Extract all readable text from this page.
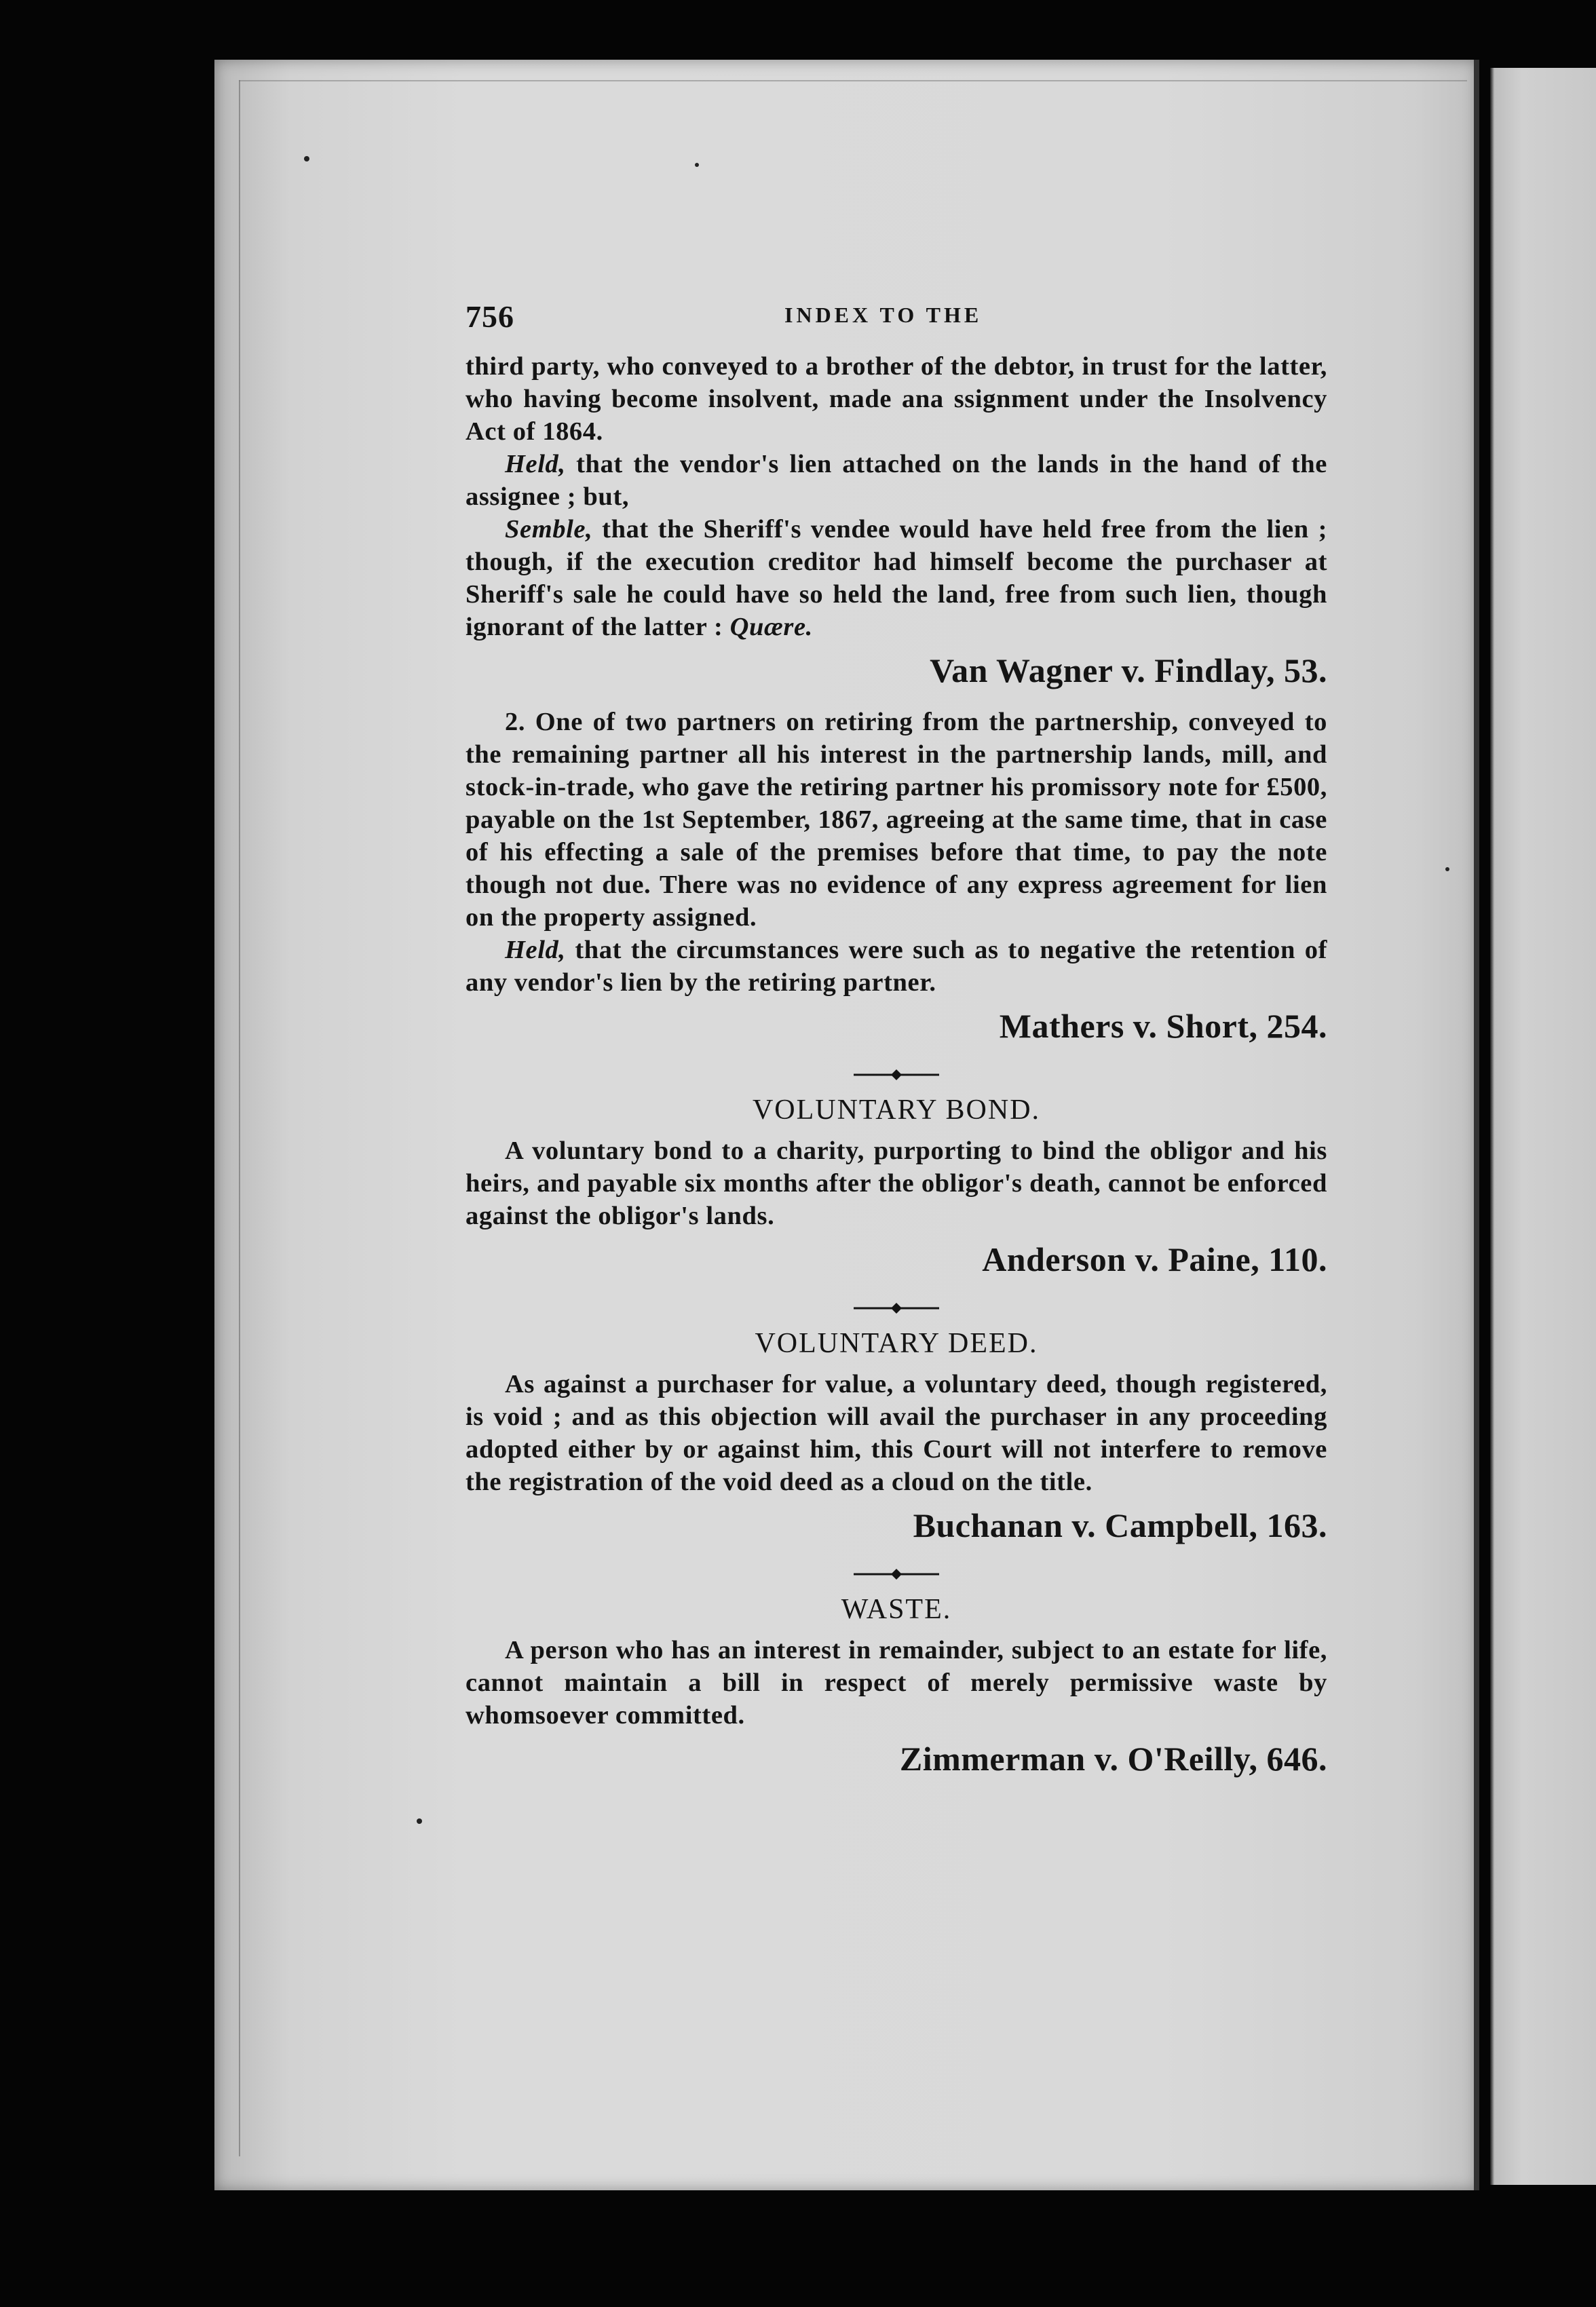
756	INDEX TO THE

third party, who conveyed to a brother of the debtor, in trust for the latter, who having become insolvent, made ana ssignment under the Insolvency Act of 1864.

Held, that the vendor's lien attached on the lands in the hand of the assignee ; but,

Semble, that the Sheriff's vendee would have held free from the lien ; though, if the execution creditor had himself become the purchaser at Sheriff's sale he could have so held the land, free from such lien, though ignorant of the latter : Quære.

Van Wagner v. Findlay, 53.

2. One of two partners on retiring from the partnership, conveyed to the remaining partner all his interest in the partnership lands, mill, and stock-in-trade, who gave the retiring partner his promissory note for £500, payable on the 1st September, 1867, agreeing at the same time, that in case of his effecting a sale of the premises before that time, to pay the note though not due. There was no evidence of any express agreement for lien on the property assigned.

Held, that the circumstances were such as to negative the retention of any vendor's lien by the retiring partner.

Mathers v. Short, 254.
VOLUNTARY BOND.

A voluntary bond to a charity, purporting to bind the obligor and his heirs, and payable six months after the obligor's death, cannot be enforced against the obligor's lands.

Anderson v. Paine, 110.
VOLUNTARY DEED.

As against a purchaser for value, a voluntary deed, though registered, is void ; and as this objection will avail the purchaser in any proceeding adopted either by or against him, this Court will not interfere to remove the registration of the void deed as a cloud on the title.

Buchanan v. Campbell, 163.
WASTE.

A person who has an interest in remainder, subject to an estate for life, cannot maintain a bill in respect of merely permissive waste by whomsoever committed.

Zimmerman v. O'Reilly, 646.
